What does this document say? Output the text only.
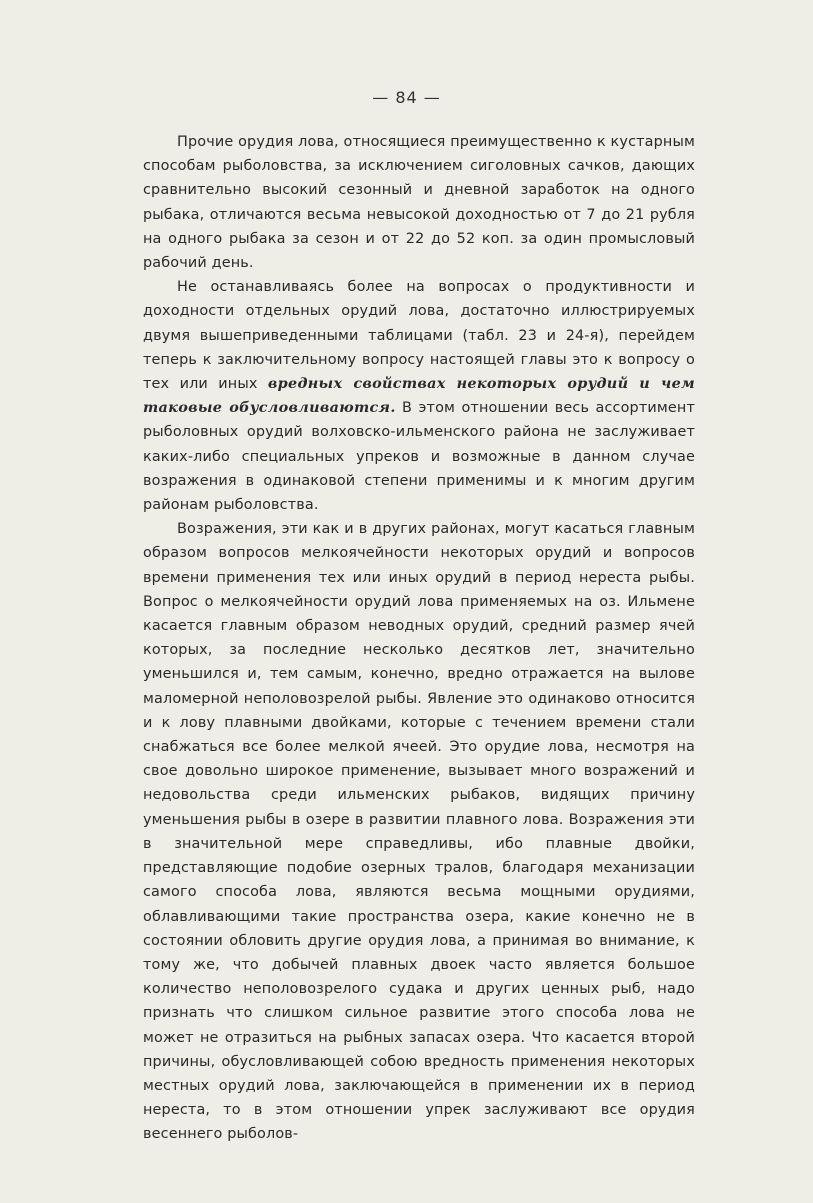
— 84 —

Прочие орудия лова, относящиеся преимущественно к кустарным способам рыболовства, за исключением сиголовных сачков, дающих сравнительно высокий сезонный и дневной заработок на одного рыбака, отличаются весьма невысокой доходностью от 7 до 21 рубля на одного рыбака за сезон и от 22 до 52 коп. за один промысловый рабочий день.

Не останавливаясь более на вопросах о продуктивности и доходности отдельных орудий лова, достаточно иллюстрируемых двумя вышеприведенными таблицами (табл. 23 и 24-я), перейдем теперь к заключительному вопросу настоящей главы это к вопросу о тех или иных вредных свойствах некоторых орудий и чем таковые обусловливаются. В этом отношении весь ассортимент рыболовных орудий волховско-ильменского района не заслуживает каких-либо специальных упреков и возможные в данном случае возражения в одинаковой степени применимы и к многим другим районам рыболовства.

Возражения, эти как и в других районах, могут касаться главным образом вопросов мелкоячейности некоторых орудий и вопросов времени применения тех или иных орудий в период нереста рыбы. Вопрос о мелкоячейности орудий лова применяемых на оз. Ильмене касается главным образом неводных орудий, средний размер ячей которых, за последние несколько десятков лет, значительно уменьшился и, тем самым, конечно, вредно отражается на вылове маломерной неполовозрелой рыбы. Явление это одинаково относится и к лову плавными двойками, которые с течением времени стали снабжаться все более мелкой ячеей. Это орудие лова, несмотря на свое довольно широкое применение, вызывает много возражений и недовольства среди ильменских рыбаков, видящих причину уменьшения рыбы в озере в развитии плавного лова. Возражения эти в значительной мере справедливы, ибо плавные двойки, представляющие подобие озерных тралов, благодаря механизации самого способа лова, являются весьма мощными орудиями, облавливающими такие пространства озера, какие конечно не в состоянии обловить другие орудия лова, а принимая во внимание, к тому же, что добычей плавных двоек часто является большое количество неполовозрелого судака и других ценных рыб, надо признать что слишком сильное развитие этого способа лова не может не отразиться на рыбных запасах озера. Что касается второй причины, обусловливающей собою вредность применения некоторых местных орудий лова, заключающейся в применении их в период нереста, то в этом отношении упрек заслуживают все орудия весеннего рыболов-
